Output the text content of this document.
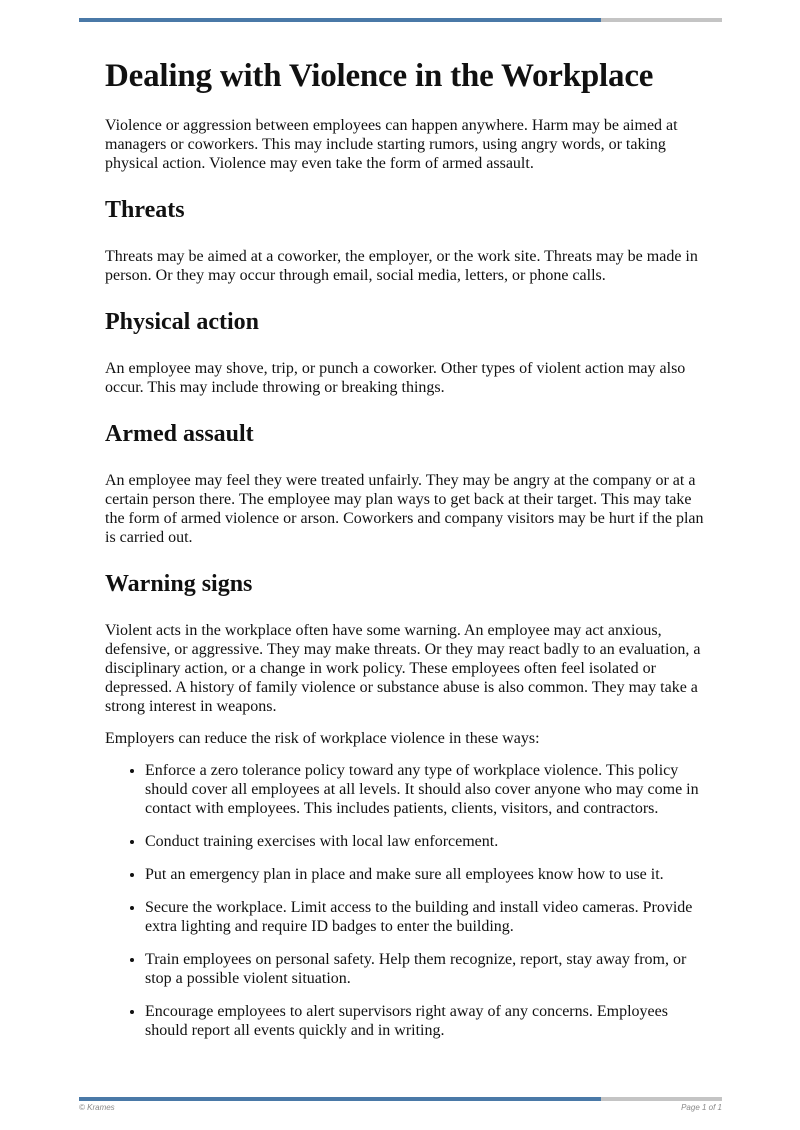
Dealing with Violence in the Workplace

Violence or aggression between employees can happen anywhere. Harm may be aimed at managers or coworkers. This may include starting rumors, using angry words, or taking physical action. Violence may even take the form of armed assault.

Threats

Threats may be aimed at a coworker, the employer, or the work site. Threats may be made in person. Or they may occur through email, social media, letters, or phone calls.

Physical action

An employee may shove, trip, or punch a coworker. Other types of violent action may also occur. This may include throwing or breaking things.

Armed assault

An employee may feel they were treated unfairly. They may be angry at the company or at a certain person there. The employee may plan ways to get back at their target. This may take the form of armed violence or arson. Coworkers and company visitors may be hurt if the plan is carried out.

Warning signs

Violent acts in the workplace often have some warning. An employee may act anxious, defensive, or aggressive. They may make threats. Or they may react badly to an evaluation, a disciplinary action, or a change in work policy. These employees often feel isolated or depressed. A history of family violence or substance abuse is also common. They may take a strong interest in weapons.

Employers can reduce the risk of workplace violence in these ways:

• Enforce a zero tolerance policy toward any type of workplace violence. This policy should cover all employees at all levels. It should also cover anyone who may come in contact with employees. This includes patients, clients, visitors, and contractors.
• Conduct training exercises with local law enforcement.
• Put an emergency plan in place and make sure all employees know how to use it.
• Secure the workplace. Limit access to the building and install video cameras. Provide extra lighting and require ID badges to enter the building.
• Train employees on personal safety. Help them recognize, report, stay away from, or stop a possible violent situation.
• Encourage employees to alert supervisors right away of any concerns. Employees should report all events quickly and in writing.
© Krames	Page 1 of 1
